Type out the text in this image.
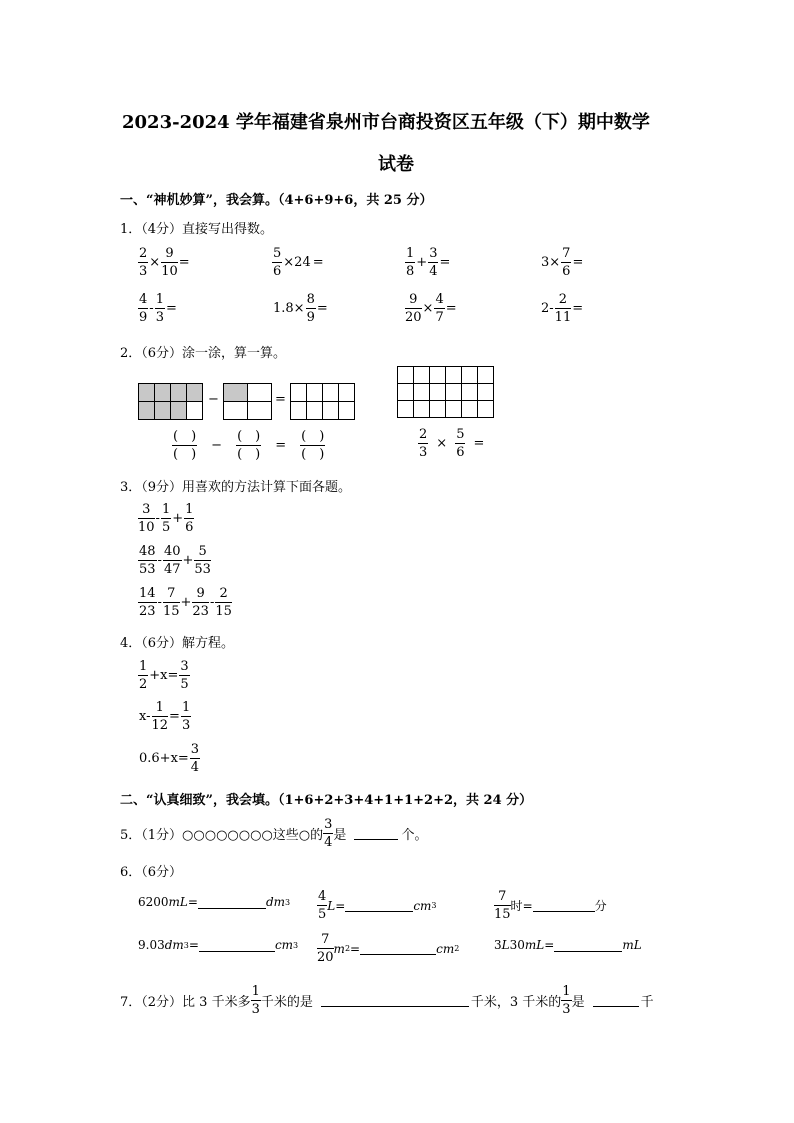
2023-2024 学年福建省泉州市台商投资区五年级（下）期中数学
试卷
一、“神机妙算”，我会算。（4+6+9+6，共 25 分）
1．（4分）直接写出得数。
$\frac{2}{3} \times \frac{9}{10}$ =	$\frac{5}{6} \times 24$ =	$\frac{1}{8} + \frac{3}{4}$ =	$3\times \frac{7}{6}$ =
$\frac{4}{9} - \frac{1}{3}$ =	$1.8\times \frac{8}{9}$ =	$\frac{9}{20} \times \frac{4}{7}$ =	$2- \frac{2}{11}$ =
2．（6分）涂一涂，算一算。

−

		=

$\frac{( )}{( )}$	−	$\frac{( )}{( )}$	=	$\frac{( )}{( )}$

						$\frac{2}{3} \times \frac{5}{6}$ =
3．（9分）用喜欢的方法计算下面各题。
$\frac{3}{10} - \frac{1}{5} + \frac{1}{6}$
$\frac{48}{53} - \frac{40}{47} + \frac{5}{53}$
$\frac{14}{23} - \frac{7}{15} + \frac{9}{23} - \frac{2}{15}$
4．（6分）解方程。
$\frac{1}{2} +x= \frac{3}{5}$
$x- \frac{1}{12} = \frac{1}{3}$
$0.6+x= \frac{3}{4}$
二、“认真细致”，我会填。（1+6+2+3+4+1+1+2+2，共 24 分）
5．（1分）○○○○○○○○这些○的 $\frac{3}{4}$ 是	个。
6．（6分）
6200 mL =	dm $3 \frac{4}{5}$ L =	cm 3	$\frac{7}{15}$ 时 =	分
9.03 dm 3 =	cm $3 \frac{7}{20}$ m 2 =	cm 2	3 L 30 mL =	mL
7．（2分）比 3 千米多 $\frac{1}{3}$ 千米的是	千米，3 千米的 $\frac{1}{3}$ 是	千
